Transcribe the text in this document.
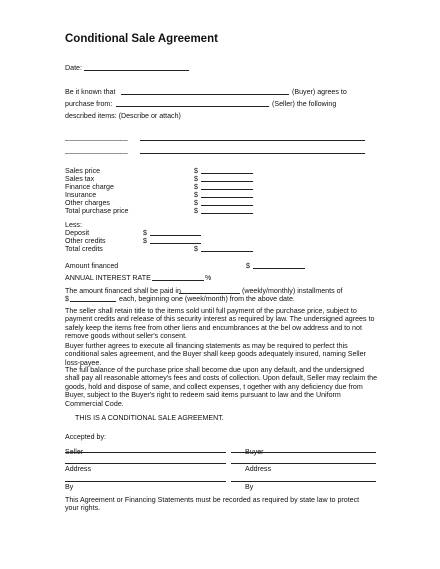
Conditional Sale Agreement
Date:
Be it known that	(Buyer) agrees to
purchase from:	(Seller) the following
described items: (Describe or attach)
_______________
_______________
Sales price	$
Sales tax	$
Finance charge	$
Insurance	$
Other charges	$
Total purchase price	$
Less:
Deposit	$
Other credits	$
Total credits	$
Amount financed	$
ANNUAL INTEREST RATE	%
The amount financed shall be paid in	(weekly/monthly) installments of
$	each, beginning one (week/month) from the above date.
The seller shall retain title to the items sold until full payment of the purchase price, subject to payment credits and release of this security interest as required by law. The undersigned agrees to safely keep the items free from other liens and encumbrances at the bel ow address and to not remove goods without seller's consent.
Buyer further agrees to execute all financing statements as may be required to perfect this conditional sales agreement, and the Buyer shall keep goods adequately insured, naming Seller loss-payee.
The full balance of the purchase price shall become due upon any default, and the undersigned shall pay all reasonable attorney's fees and costs of collection. Upon default, Seller may reclaim the goods, hold and dispose of same, and collect expenses, t ogether with any deficiency due from Buyer, subject to the Buyer's right to redeem said items pursuant to law and the Uniform Commercial Code.
THIS IS A CONDITIONAL SALE AGREEMENT.
Accepted by:
Seller	Buyer
Address	Address
By	By
This Agreement or Financing Statements must be recorded as required by state law to protect your rights.
